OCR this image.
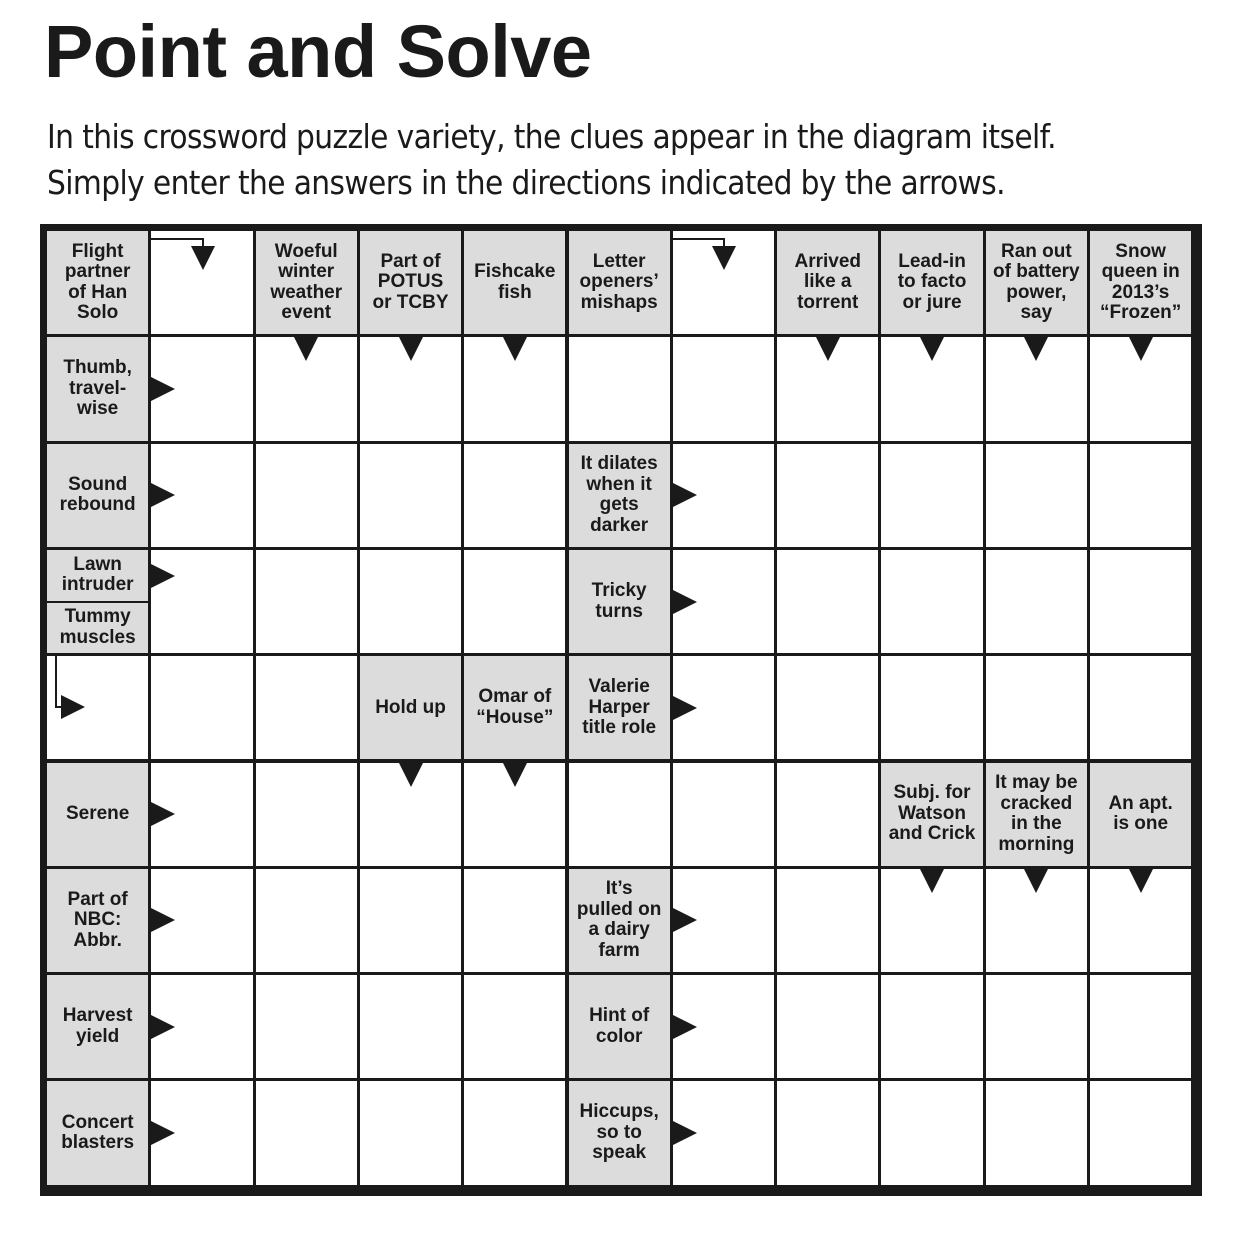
Point and Solve

In this crossword puzzle variety, the clues appear in the diagram itself.
Simply enter the answers in the directions indicated by the arrows.

Flight
partner
of Han
Solo
Woeful
winter
weather
event
Part of
POTUS
or TCBY
Fishcake
fish
Letter
openers’
mishaps
Arrived
like a
torrent
Lead-in
to facto
or jure
Ran out
of battery
power,
say
Snow
queen in
2013’s
“Frozen”
Thumb,
travel-
wise
Sound
rebound
It dilates
when it
gets
darker
Lawn
intruder
Tummy
muscles
Tricky
turns
Hold up Omar of
“House”
Valerie
Harper
title role
Serene
Subj. for
Watson
and Crick
It may be
cracked
in the
morning
An apt.
is one
Part of
NBC:
Abbr.
It’s
pulled on
a dairy
farm
Harvest
yield
Hint of
color
Concert
blasters
Hiccups,
so to
speak
